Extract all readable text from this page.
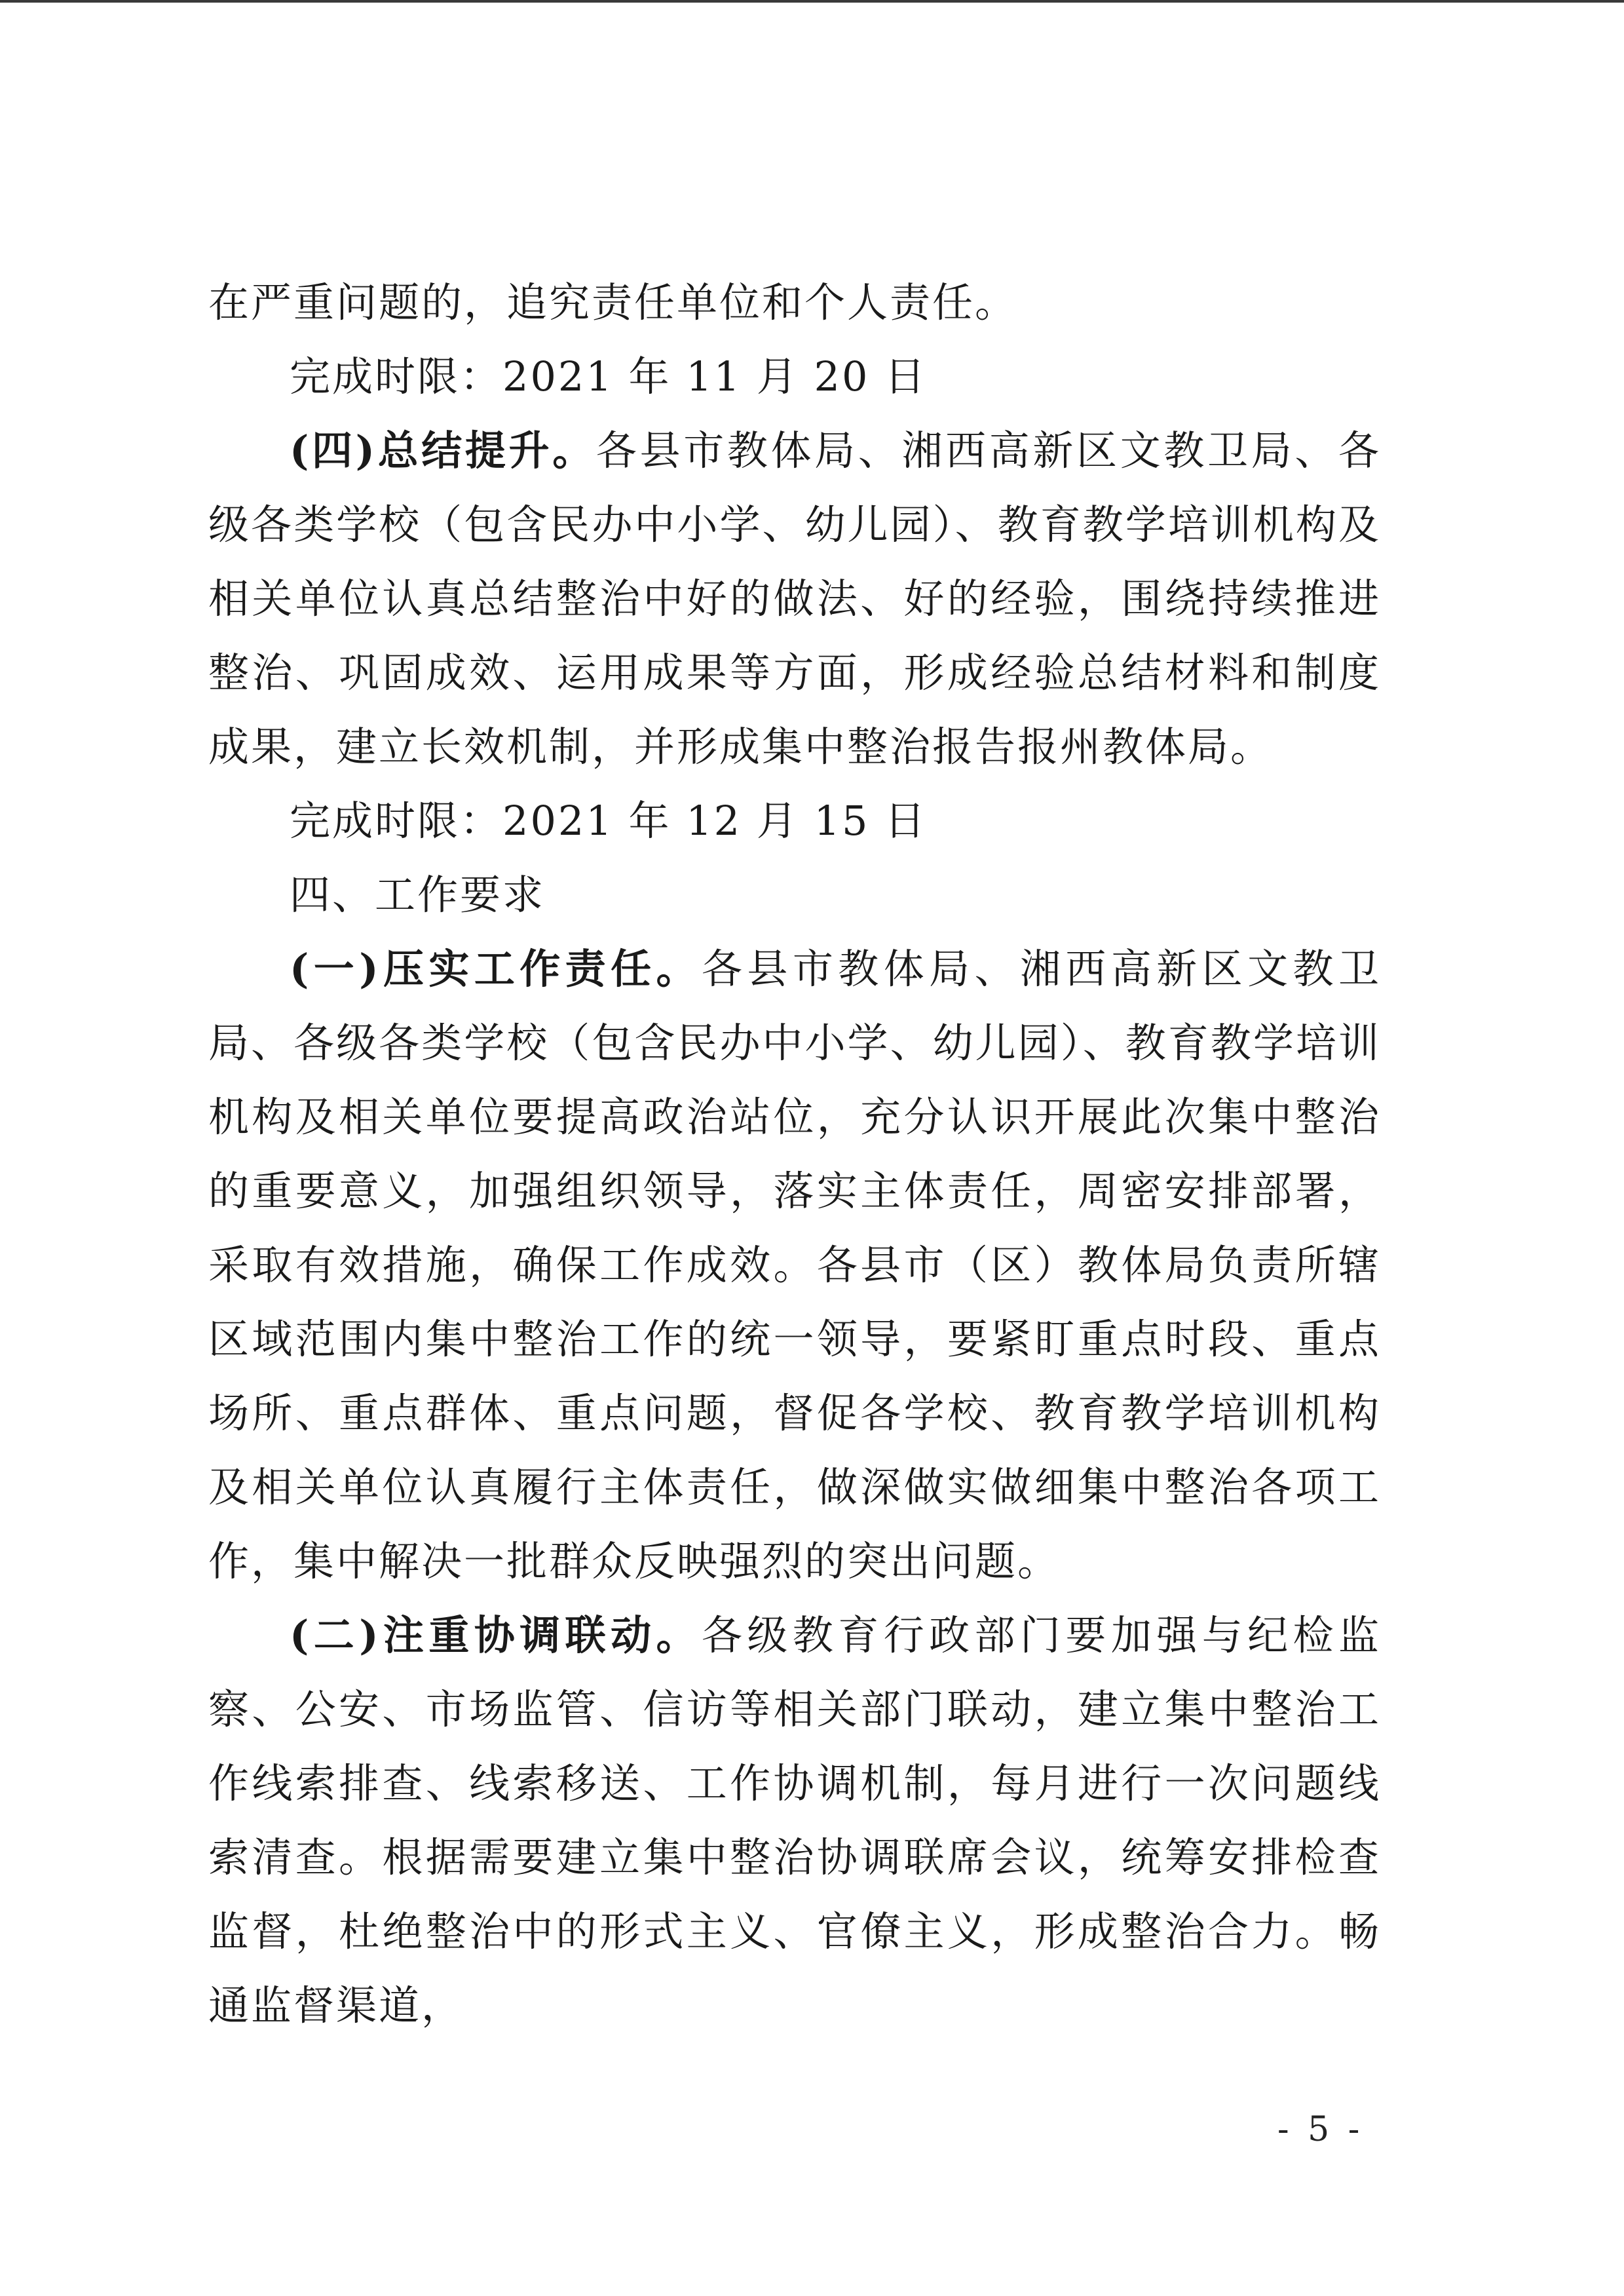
在严重问题的，追究责任单位和个人责任。

完成时限：2021 年 11 月 20 日

(四)总结提升。各县市教体局、湘西高新区文教卫局、各级各类学校（包含民办中小学、幼儿园）、教育教学培训机构及相关单位认真总结整治中好的做法、好的经验，围绕持续推进整治、巩固成效、运用成果等方面，形成经验总结材料和制度成果，建立长效机制，并形成集中整治报告报州教体局。

完成时限：2021 年 12 月 15 日

四、工作要求

(一)压实工作责任。各县市教体局、湘西高新区文教卫局、各级各类学校（包含民办中小学、幼儿园）、教育教学培训机构及相关单位要提高政治站位，充分认识开展此次集中整治的重要意义，加强组织领导，落实主体责任，周密安排部署，采取有效措施，确保工作成效。各县市（区）教体局负责所辖区域范围内集中整治工作的统一领导，要紧盯重点时段、重点场所、重点群体、重点问题，督促各学校、教育教学培训机构及相关单位认真履行主体责任，做深做实做细集中整治各项工作，集中解决一批群众反映强烈的突出问题。

(二)注重协调联动。各级教育行政部门要加强与纪检监察、公安、市场监管、信访等相关部门联动，建立集中整治工作线索排查、线索移送、工作协调机制，每月进行一次问题线索清查。根据需要建立集中整治协调联席会议，统筹安排检查监督，杜绝整治中的形式主义、官僚主义，形成整治合力。畅通监督渠道，

- 5 -
